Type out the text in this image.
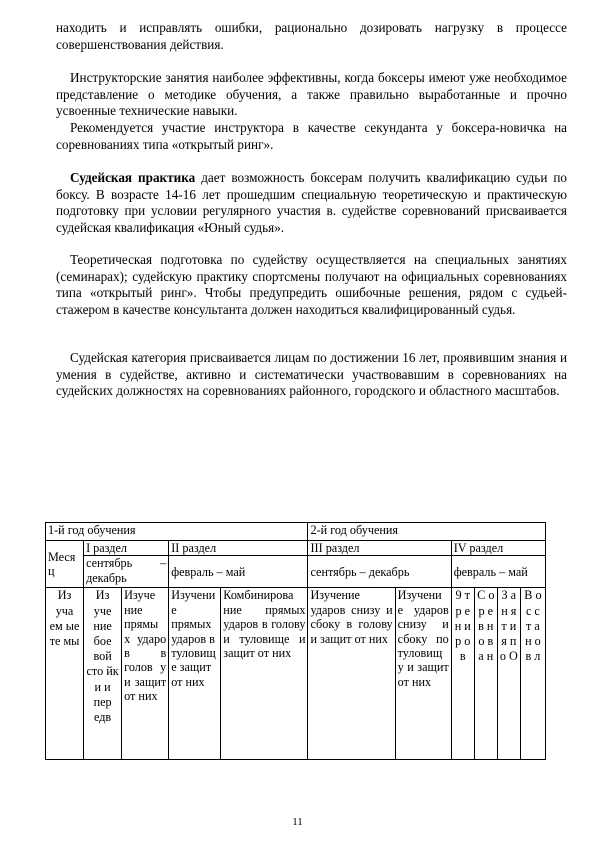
находить и исправлять ошибки, рационально дозировать нагрузку в процессе совершенствования действия.

Инструкторские занятия наиболее эффективны, когда боксеры имеют уже необходимое представление о методике обучения, а также правильно выработанные и прочно усвоенные технические навыки.

Рекомендуется участие инструктора в качестве секунданта у боксера-новичка на соревнованиях типа «открытый ринг».

Судейская практика дает возможность боксерам получить квалификацию судьи по боксу. В возрасте 14-16 лет прошедшим специальную теоретическую и практическую подготовку при условии регулярного участия в. судействе соревнований присваивается судейская квалификация «Юный судья».

Теоретическая подготовка по судейству осуществляется на специальных занятиях (семинарах); судейскую практику спортсмены получают на официальных соревнованиях типа «открытый ринг». Чтобы предупредить ошибочные решения, рядом с судьей-стажером в качестве консультанта должен находиться квалифицированный судья.

Судейская категория присваивается лицам по достижении 16 лет, проявившим знания и умения в судействе, активно и систематически участвовавшим в соревнованиях на судейских должностях на соревнованиях районного, городского и областного масштабов.

1-й год обучения					2-й год обучения					
Меся ц	I раздел		II раздел		III раздел		IV раздел			
	сентябрь – декабрь		февраль – май		сентябрь – декабрь		февраль – май			
Из уча ем ые те мы	Из уче ние бое вой сто йк и и пер едв	Изуче ние прямы х ударо в в голов у и защит от них	Изучени е прямых ударов в туловищ е защит от них	Комбинирова ние прямых ударов в голову и туловище и защит от них	Изучение ударов снизу и сбоку в голову и защит от них	Изучени е ударов снизу и сбоку по туловищ у и защит от них	9 т р е н и р о в	С о р е в н о в а н	З а н я т и я п о О	В о с с т а н о в л
11
